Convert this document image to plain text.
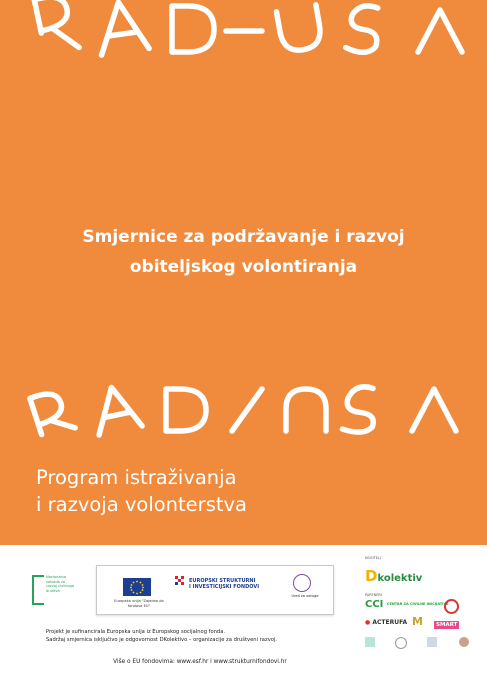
Smjernice za podržavanje i razvoj
obiteljskog volontiranja
Program istraživanja
i razvoja volonterstva
Nacionalna zaklada za razvoj civilnoga društva
Europska unija "Zajedno do fondova EU"
EUROPSKI STRUKTURNI
I INVESTICIJSKI FONDOVI
Ured za udruge
Projekt je sufinanciralа Europska unija iz Europskog socijalnog fonda.
Sadržaj smjernica isključivo je odgovornost DKolektivo – organizacije za društveni razvoj.
Više o EU fondovima: www.esf.hr i www.strukturnifondovi.hr
NOSITELJ
Dkolektiv
PARTNERI
CCI CENTAR ZA CIVILNE INICIJATIVE
● ACTERUFA M	SMART
